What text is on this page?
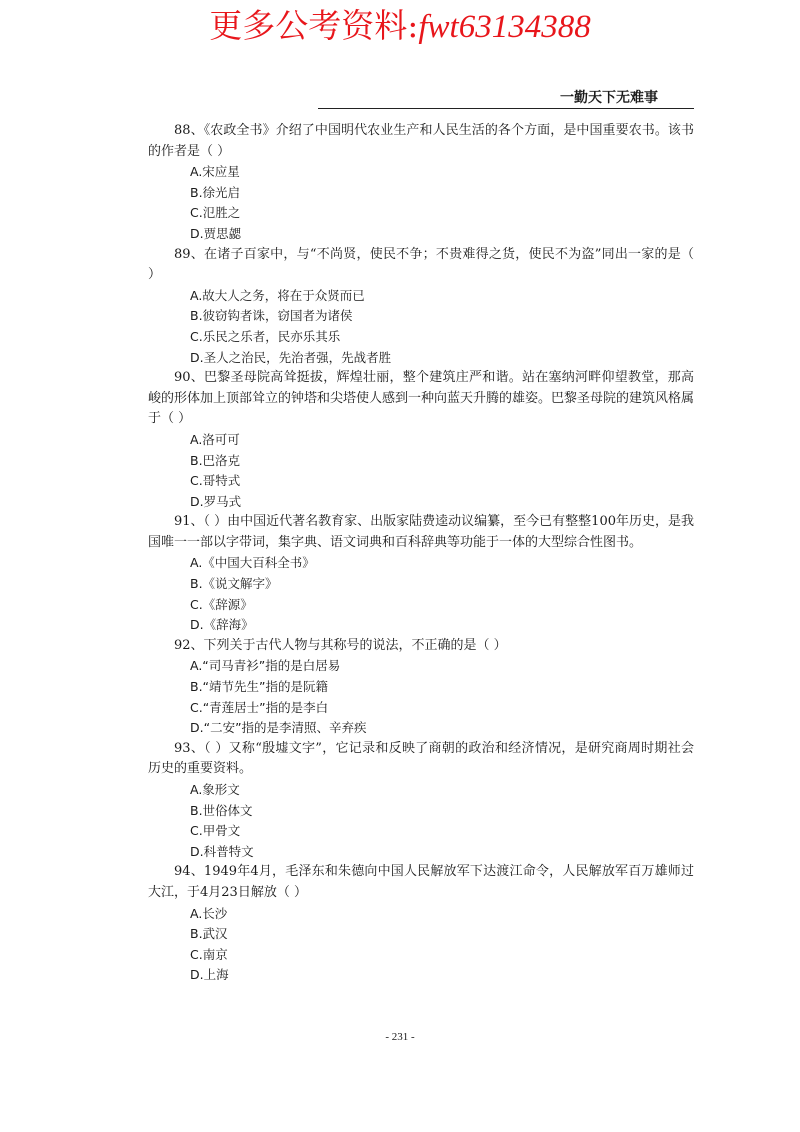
更多公考资料:fwt63134388
一勤天下无难事

88、《农政全书》介绍了中国明代农业生产和人民生活的各个方面，是中国重要农书。该书的作者是（ ）

A.宋应星

B.徐光启

C.氾胜之

D.贾思勰

89、在诸子百家中，与“不尚贤，使民不争；不贵难得之货，使民不为盗”同出一家的是（ ）

A.故大人之务，将在于众贤而已

B.彼窃钩者诛，窃国者为诸侯

C.乐民之乐者，民亦乐其乐

D.圣人之治民，先治者强，先战者胜

90、巴黎圣母院高耸挺拔，辉煌壮丽，整个建筑庄严和谐。站在塞纳河畔仰望教堂，那高峻的形体加上顶部耸立的钟塔和尖塔使人感到一种向蓝天升腾的雄姿。巴黎圣母院的建筑风格属于（ ）

A.洛可可

B.巴洛克

C.哥特式

D.罗马式

91、（ ）由中国近代著名教育家、出版家陆费逵动议编纂，至今已有整整100年历史，是我国唯一一部以字带词，集字典、语文词典和百科辞典等功能于一体的大型综合性图书。

A.《中国大百科全书》

B.《说文解字》

C.《辞源》

D.《辞海》

92、下列关于古代人物与其称号的说法，不正确的是（ ）

A.“司马青衫”指的是白居易

B.“靖节先生”指的是阮籍

C.“青莲居士”指的是李白

D.“二安”指的是李清照、辛弃疾

93、（ ）又称“殷墟文字”，它记录和反映了商朝的政治和经济情况，是研究商周时期社会历史的重要资料。

A.象形文

B.世俗体文

C.甲骨文

D.科普特文

94、1949年4月，毛泽东和朱德向中国人民解放军下达渡江命令，人民解放军百万雄师过大江，于4月23日解放（ ）

A.长沙

B.武汉

C.南京

D.上海

- 231 -
